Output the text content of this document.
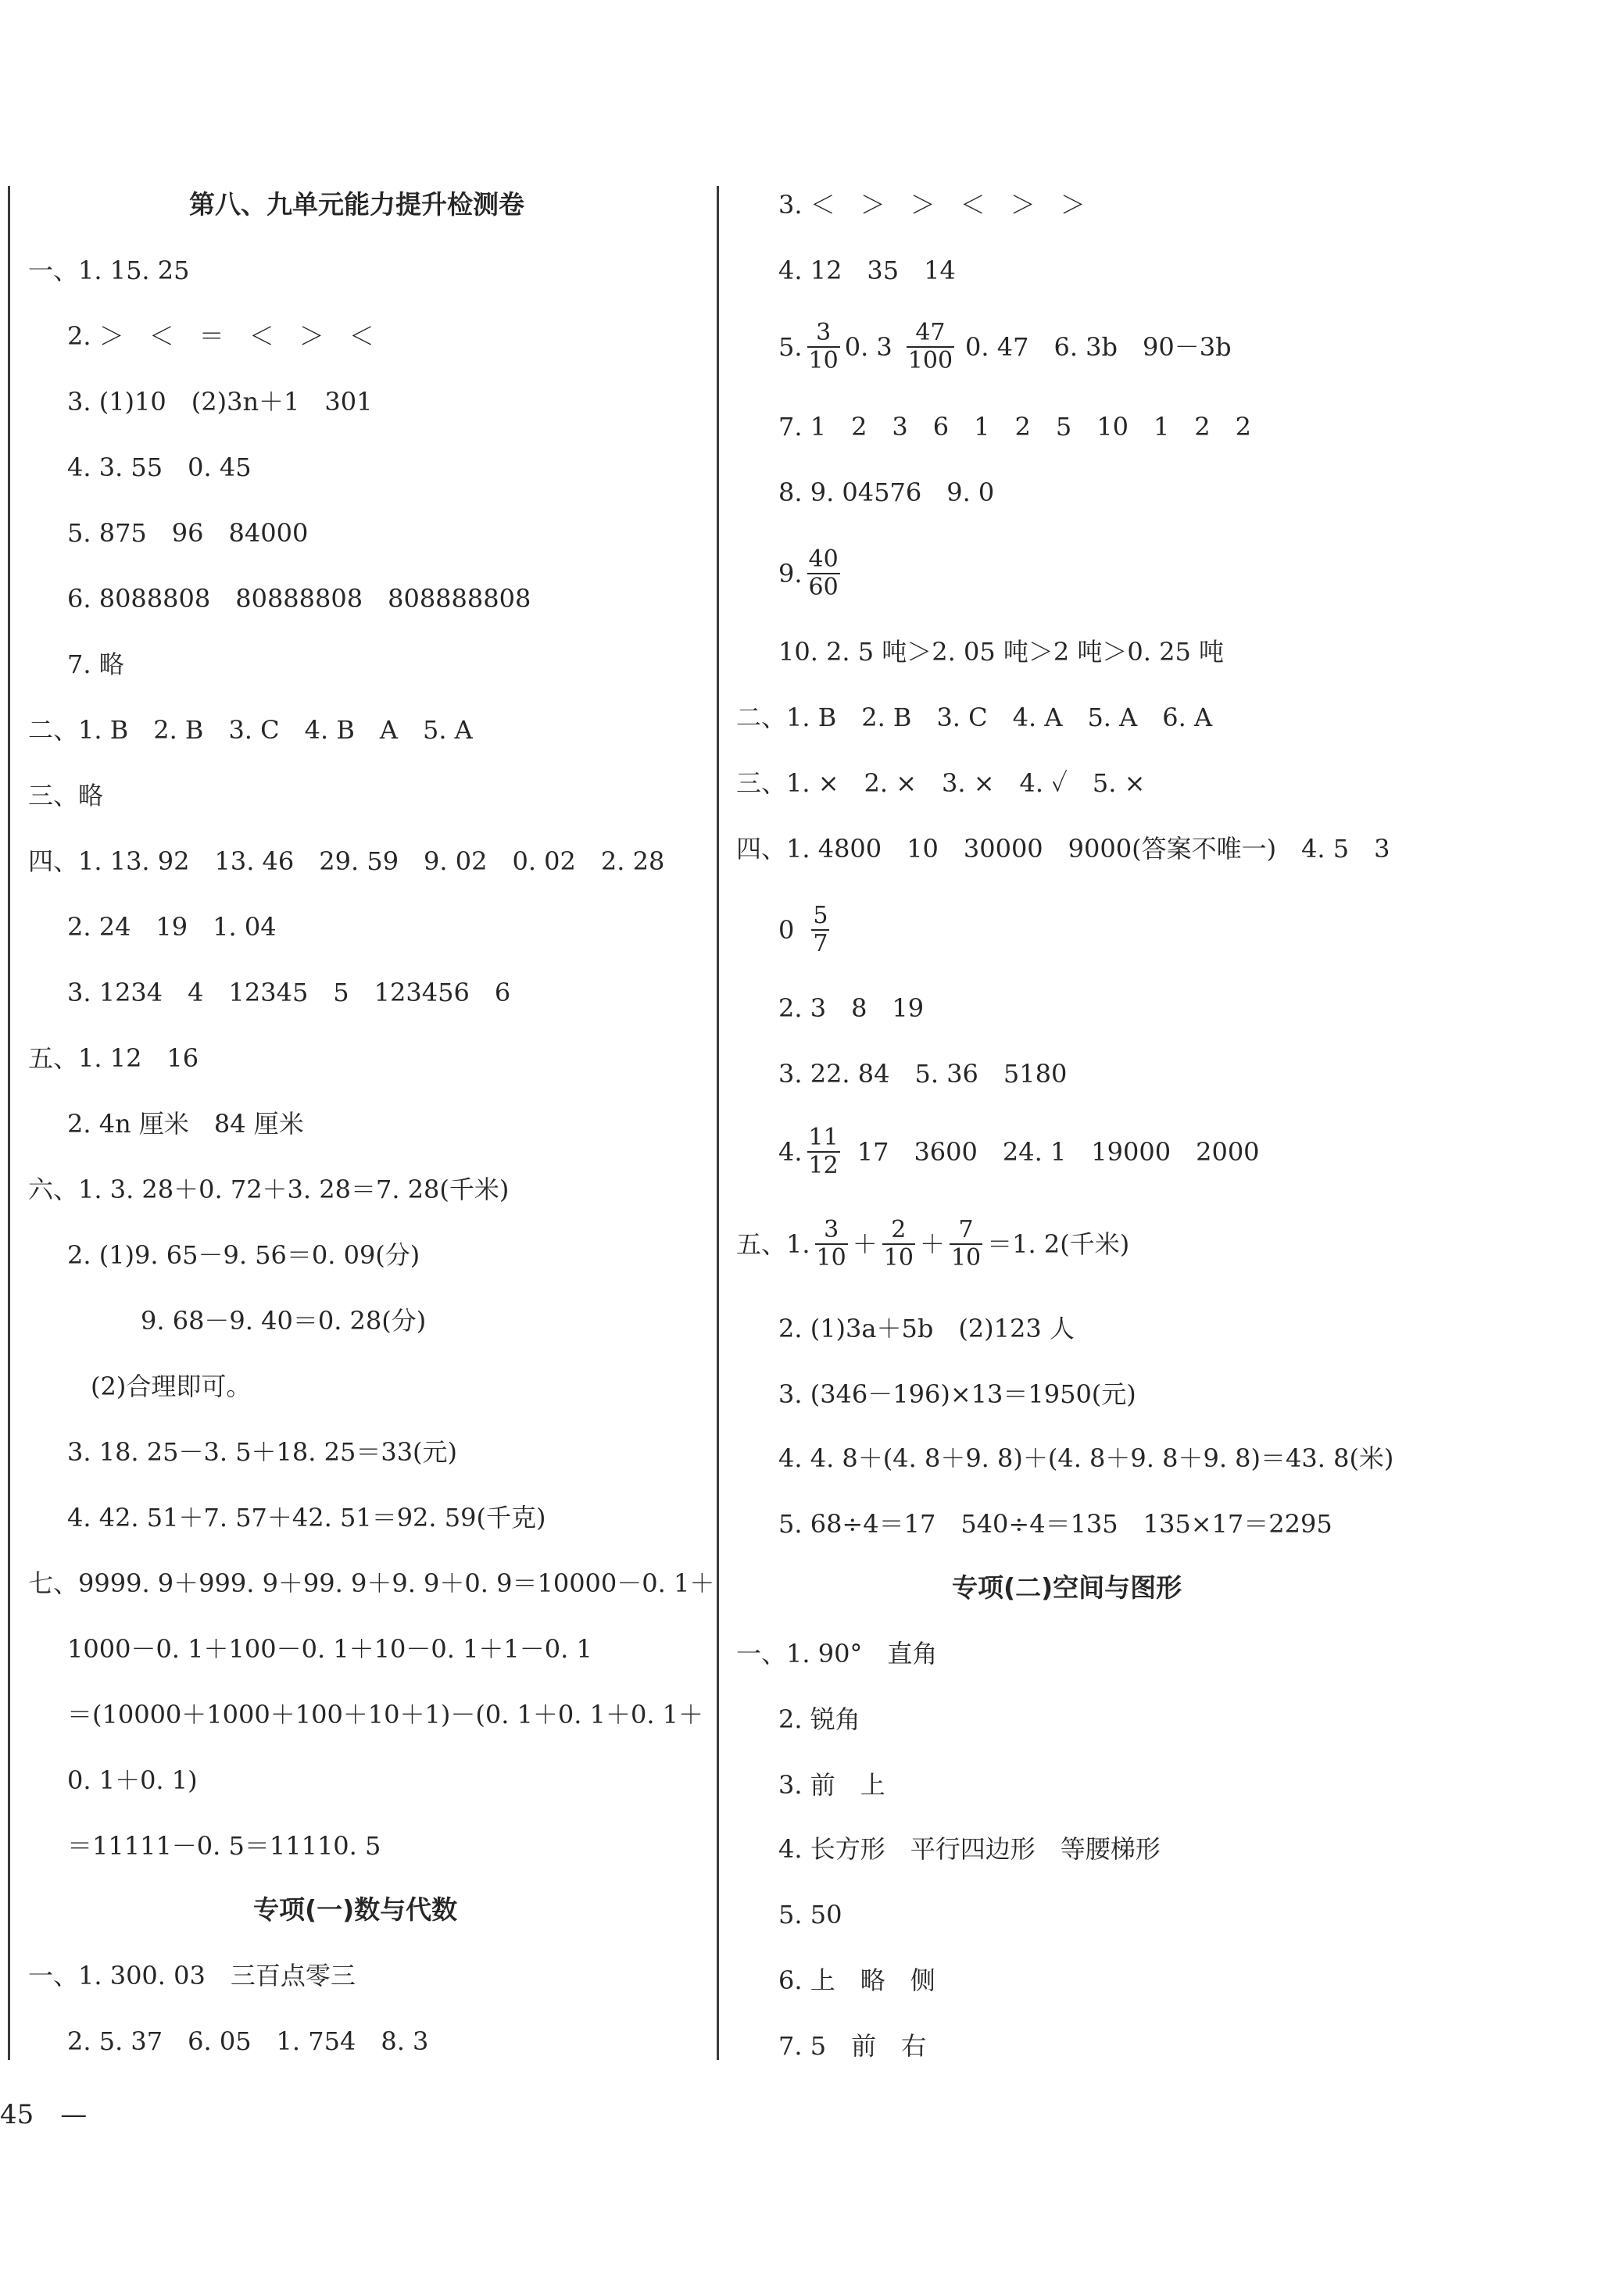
第八、九单元能力提升检测卷
一、1. 15. 25
2. ＞　＜　＝　＜　＞　＜
3. (1)10　(2)3n＋1　301
4. 3. 55　0. 45
5. 875　96　84000
6. 8088808　80888808　808888808
7. 略
二、1. B　2. B　3. C　4. B　A　5. A
三、略
四、1. 13. 92　13. 46　29. 59　9. 02　0. 02　2. 28
2. 24　19　1. 04
3. 1234　4　12345　5　123456　6
五、1. 12　16
2. 4n 厘米　84 厘米
六、1. 3. 28＋0. 72＋3. 28＝7. 28(千米)
2. (1)9. 65－9. 56＝0. 09(分)
9. 68－9. 40＝0. 28(分)
(2)合理即可。
3. 18. 25－3. 5＋18. 25＝33(元)
4. 42. 51＋7. 57＋42. 51＝92. 59(千克)
七、9999. 9＋999. 9＋99. 9＋9. 9＋0. 9＝10000－0. 1＋
1000－0. 1＋100－0. 1＋10－0. 1＋1－0. 1
＝(10000＋1000＋100＋10＋1)－(0. 1＋0. 1＋0. 1＋
0. 1＋0. 1)
＝11111－0. 5＝11110. 5
专项(一)数与代数
一、1. 300. 03　三百点零三
2. 5. 37　6. 05　1. 754　8. 3
3. ＜　＞　＞　＜　＞　＞
4. 12　35　14
5. $\frac{3}{10} 0$. $3 \frac{47}{100} 0$. 47　6. 3b　90－3b
7. 1　2　3　6　1　2　5　10　1　2　2
8. 9. 04576　9. 0
9. $\frac{40}{60}$
10. 2. 5 吨＞2. 05 吨＞2 吨＞0. 25 吨
二、1. B　2. B　3. C　4. A　5. A　6. A
三、1. ×　2. ×　3. ×　4. ✓　5. ×
四、1. 4800　10　30000　9000(答案不唯一)　4. 5　3
$0 \frac{5}{7}$
2. 3　8　19
3. 22. 84　5. 36　5180
4. $\frac{11}{12} 17$　3600　24. 1　19000　2000
五、1. $\frac{3}{10} + \frac{2}{10} + \frac{7}{10} =1$. 2(千米)
2. (1)3a＋5b　(2)123 人
3. (346－196)×13＝1950(元)
4. 4. 8＋(4. 8＋9. 8)＋(4. 8＋9. 8＋9. 8)＝43. 8(米)
5. 68÷4＝17　540÷4＝135　135×17＝2295
专项(二)空间与图形
一、1. 90°　直角
2. 锐角
3. 前　上
4. 长方形　平行四边形　等腰梯形
5. 50
6. 上　略　侧
7. 5　前　右
45　—
